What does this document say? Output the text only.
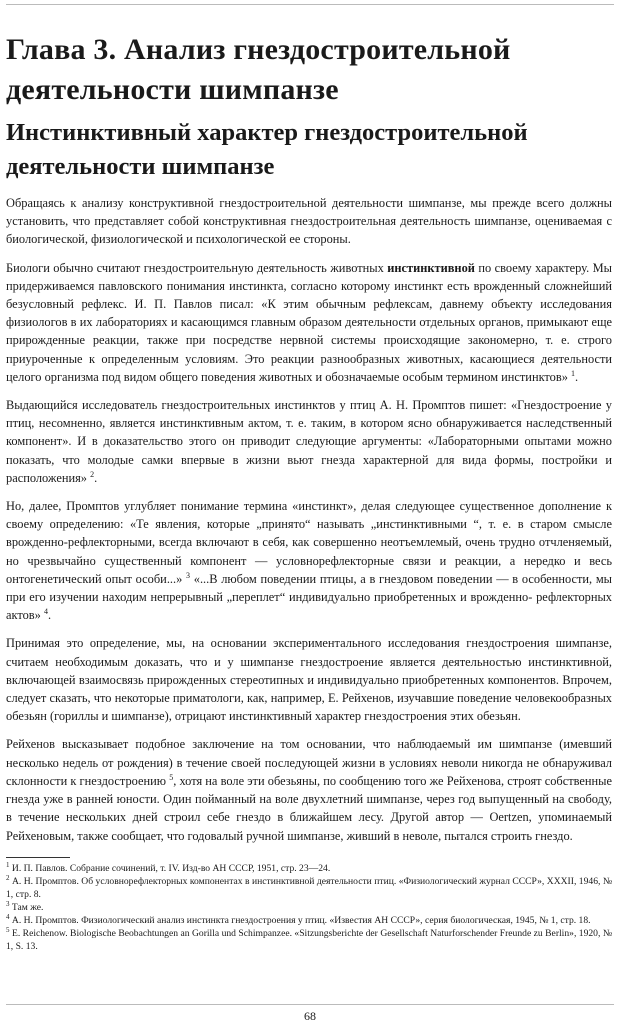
Глава 3. Анализ гнездостроительной деятельности шимпанзе
Инстинктивный характер гнездостроительной деятельности шимпанзе

Обращаясь к анализу конструктивной гнездостроительной деятельности шимпанзе, мы прежде всего должны установить, что представляет собой конструктивная гнездостроительная деятельность шимпанзе, оцениваемая с биологической, физиологической и психологической ее стороны.

Биологи обычно считают гнездостроительную деятельность животных инстинктивной по своему характеру. Мы придерживаемся павловского понимания инстинкта, согласно которому инстинкт есть врожденный сложнейший безусловный рефлекс. И. П. Павлов писал: «К этим обычным рефлексам, давнему объекту исследования физиологов в их лабораториях и касающимся главным образом деятельности отдельных органов, примыкают еще прирожденные реакции, также при посредстве нервной системы происходящие закономерно, т. е. строго приуроченные к определенным условиям. Это реакции разнообразных животных, касающиеся деятельности целого организма под видом общего поведения животных и обозначаемые особым термином инстинктов» $^1$.

Выдающийся исследователь гнездостроительных инстинктов у птиц А. Н. Промптов пишет: «Гнездостроение у птиц, несомненно, является инстинктивным актом, т. е. таким, в котором ясно обнаруживается наследственный компонент». И в доказательство этого он приводит следующие аргументы: «Лабораторными опытами можно показать, что молодые самки впервые в жизни вьют гнезда характерной для вида формы, постройки и расположения» $^2$.

Но, далее, Промптов углубляет понимание термина «инстинкт», делая следующее существенное дополнение к своему определению: «Те явления, которые „принято“ называть „инстинктивными “, т. е. в старом смысле врожденно-рефлекторными, всегда включают в себя, как совершенно неотъемлемый, очень трудно отчленяемый, но чрезвычайно существенный компонент — условнорефлекторные связи и реакции, а нередко и весь онтогенетический опыт особи...» $^3$ «...В любом поведении птицы, а в гнездовом поведении — в особенности, мы при его изучении находим непрерывный „переплет“ индивидуально приобретенных и врожденно- рефлекторных актов» $^4$.

Принимая это определение, мы, на основании экспериментального исследования гнездостроения шимпанзе, считаем необходимым доказать, что и у шимпанзе гнездостроение является деятельностью инстинктивной, включающей взаимосвязь прирожденных стереотипных и индивидуально приобретенных компонентов. Впрочем, следует сказать, что некоторые приматологи, как, например, Е. Рейхенов, изучавшие поведение человекообразных обезьян (гориллы и шимпанзе), отрицают инстинктивный характер гнездостроения этих обезьян.

Рейхенов высказывает подобное заключение на том основании, что наблюдаемый им шимпанзе (имевший несколько недель от рождения) в течение своей последующей жизни в условиях неволи никогда не обнаруживал склонности к гнездостроению $^5$, хотя на воле эти обезьяны, по сообщению того же Рейхенова, строят собственные гнезда уже в ранней юности. Один пойманный на воле двухлетний шимпанзе, через год выпущенный на свободу, в течение нескольких дней строил себе гнездо в ближайшем лесу. Другой автор — Oertzen, упоминаемый Рейхеновым, также сообщает, что годовалый ручной шимпанзе, живший в неволе, пытался строить гнездо.

$^1$ И. П. Павлов. Собрание сочинений, т. IV. Изд-во АН СССР, 1951, стр. 23—24.

$^2$ А. Н. Промптов. Об условнорефлекторных компонентах в инстинктивной деятельности птиц. «Физиологический журнал СССР», XXXII, 1946, № 1, стр. 8.

$^3$ Там же.

$^4$ А. Н. Промптов. Физиологический анализ инстинкта гнездостроения у птиц. «Известия АН СССР», серия биологическая, 1945, № 1, стр. 18.

$^5$ E. Reichenow. Biologische Beobachtungen an Gorilla und Schimpanzee. «Sitzungsberichte der Gesellschaft Naturforschender Freunde zu Berlin», 1920, № 1, S. 13.

68
